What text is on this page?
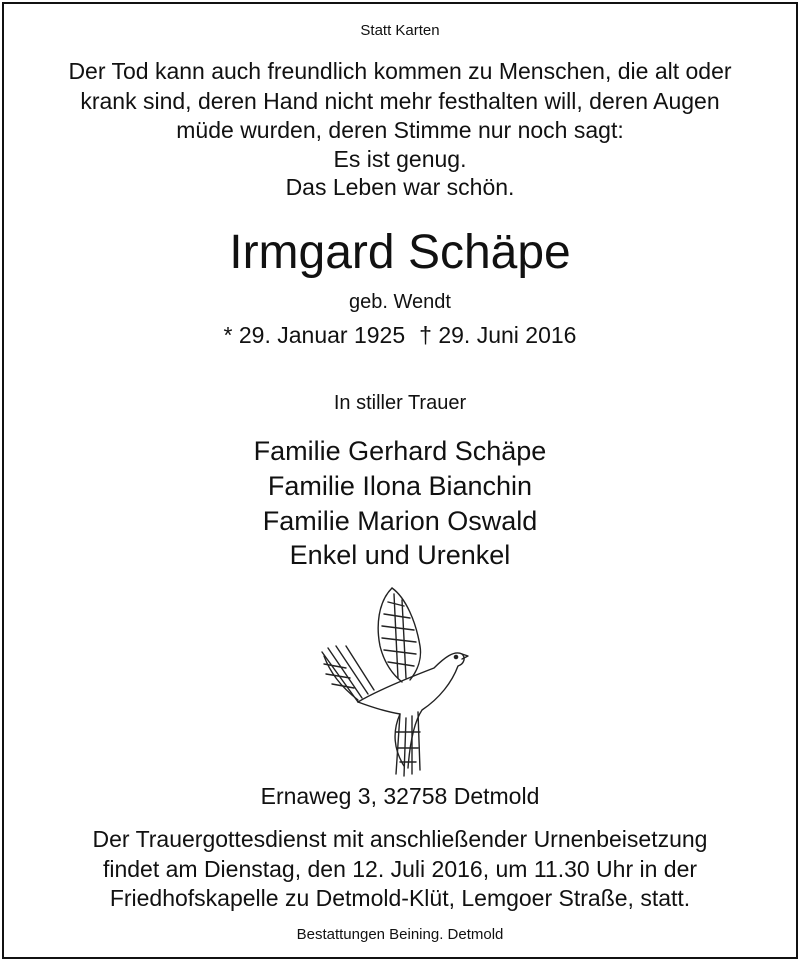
Statt Karten

Der Tod kann auch freundlich kommen zu Menschen, die alt oder

krank sind, deren Hand nicht mehr festhalten will, deren Augen

müde wurden, deren Stimme nur noch sagt:

Es ist genug.

Das Leben war schön.

Irmgard Schäpe

geb. Wendt

* 29. Januar 1925 † 29. Juni 2016

In stiller Trauer

Familie Gerhard Schäpe

Familie Ilona Bianchin

Familie Marion Oswald

Enkel und Urenkel

Ernaweg 3, 32758 Detmold

Der Trauergottesdienst mit anschließender Urnenbeisetzung

findet am Dienstag, den 12. Juli 2016, um 11.30 Uhr in der

Friedhofskapelle zu Detmold-Klüt, Lemgoer Straße, statt.

Bestattungen Beining. Detmold
